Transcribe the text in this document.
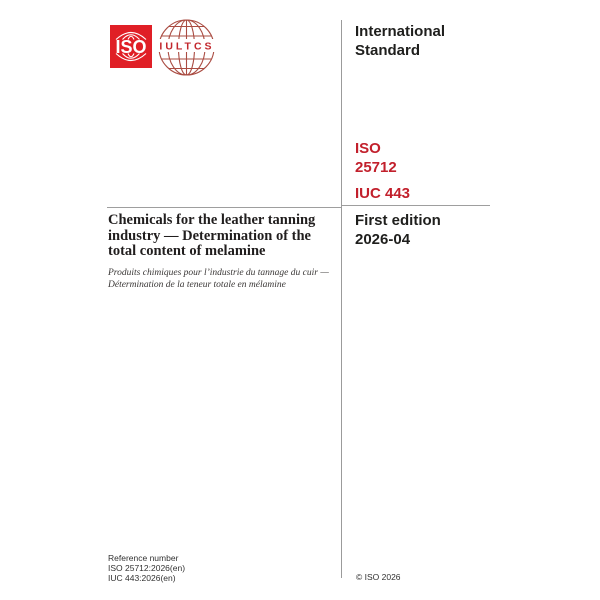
ISO IULTCS
International
Standard
ISO
25712
IUC 443
First edition
2026-04
Chemicals for the leather tanning
industry — Determination of the
total content of melamine
Produits chimiques pour l’industrie du tannage du cuir —
Détermination de la teneur totale en mélamine
Reference number
ISO 25712:2026(en)
IUC 443:2026(en)	© ISO 2026
